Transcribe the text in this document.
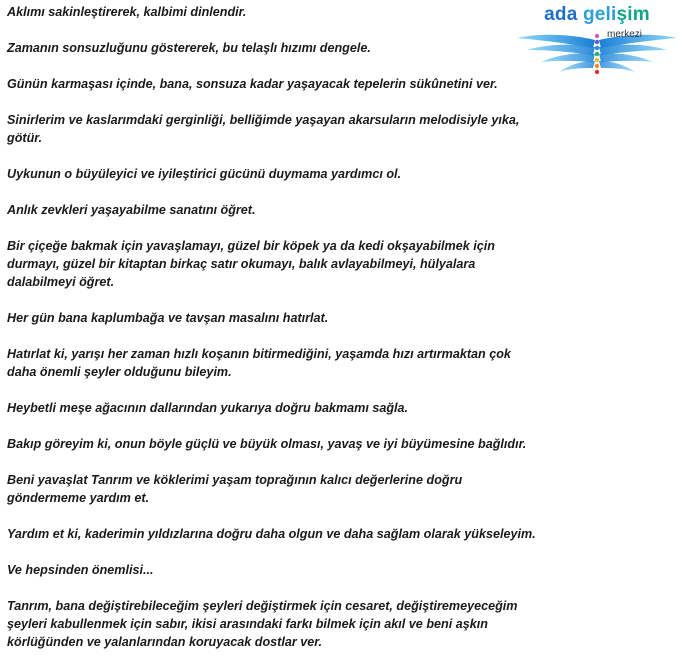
Aklımı sakinleştirerek, kalbimi dinlendir.

Zamanın sonsuzluğunu göstererek, bu telaşlı hızımı dengele.

Günün karmaşası içinde, bana, sonsuza kadar yaşayacak tepelerin sükûnetini ver.

Sinirlerim ve kaslarımdaki gerginliği, belliğimde yaşayan akarsuların melodisiyle yıka,
götür.

Uykunun o büyüleyici ve iyileştirici gücünü duymama yardımcı ol.

Anlık zevkleri yaşayabilme sanatını öğret.

Bir çiçeğe bakmak için yavaşlamayı, güzel bir köpek ya da kedi okşayabilmek için
durmayı, güzel bir kitaptan birkaç satır okumayı, balık avlayabilmeyi, hülyalara
dalabilmeyi öğret.

Her gün bana kaplumbağa ve tavşan masalını hatırlat.

Hatırlat ki, yarışı her zaman hızlı koşanın bitirmediğini, yaşamda hızı artırmaktan çok
daha önemli şeyler olduğunu bileyim.

Heybetli meşe ağacının dallarından yukarıya doğru bakmamı sağla.

Bakıp göreyim ki, onun böyle güçlü ve büyük olması, yavaş ve iyi büyümesine bağlıdır.

Beni yavaşlat Tanrım ve köklerimi yaşam toprağının kalıcı değerlerine doğru
göndermeme yardım et.

Yardım et ki, kaderimin yıldızlarına doğru daha olgun ve daha sağlam olarak yükseleyim.

Ve hepsinden önemlisi...

Tanrım, bana değiştirebileceğim şeyleri değiştirmek için cesaret, değiştiremeyeceğim
şeyleri kabullenmek için sabır, ikisi arasındaki farkı bilmek için akıl ve beni aşkın
körlüğünden ve yalanlarından koruyacak dostlar ver.

ada gelişim
merkezi
